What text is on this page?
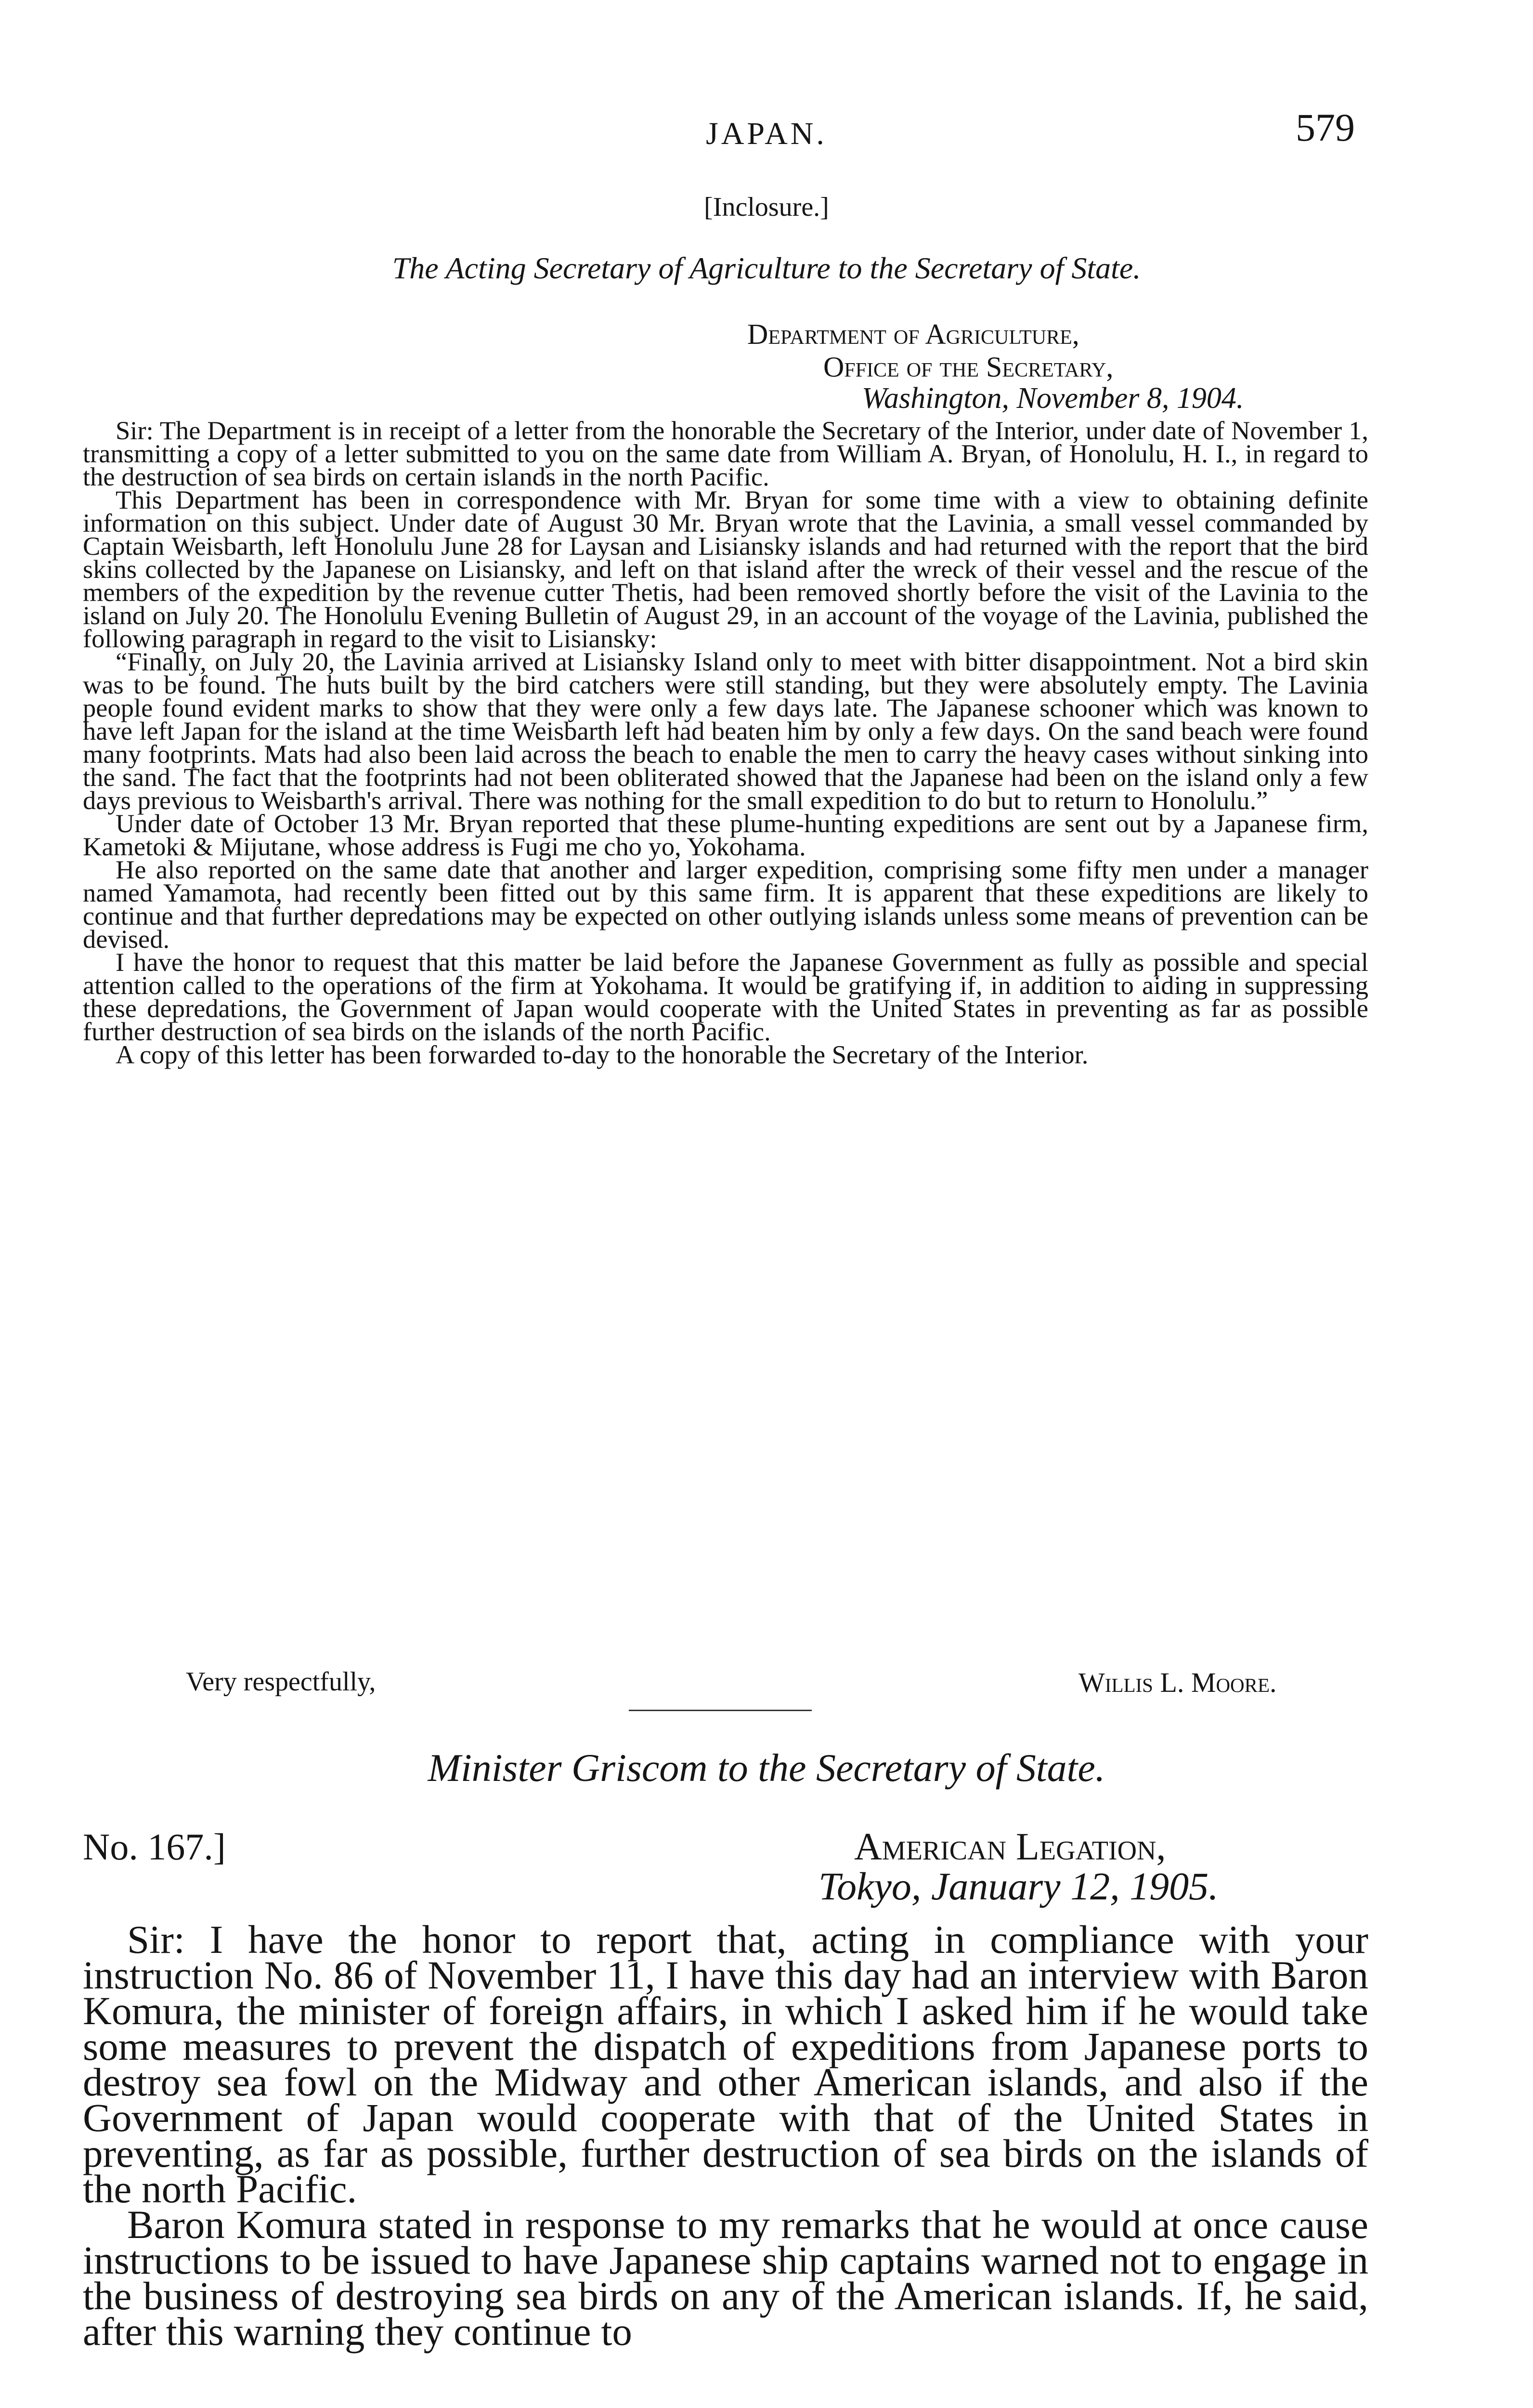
JAPAN.	579
[Inclosure.]
The Acting Secretary of Agriculture to the Secretary of State.
Department of Agriculture,
Office of the Secretary,
Washington, November 8, 1904.

Sir: The Department is in receipt of a letter from the honorable the Secretary of the Interior, under date of November 1, transmitting a copy of a letter submitted to you on the same date from William A. Bryan, of Honolulu, H. I., in regard to the destruction of sea birds on certain islands in the north Pacific.

This Department has been in correspondence with Mr. Bryan for some time with a view to obtaining definite information on this subject. Under date of August 30 Mr. Bryan wrote that the Lavinia, a small vessel commanded by Captain Weisbarth, left Honolulu June 28 for Laysan and Lisiansky islands and had returned with the report that the bird skins collected by the Japanese on Lisiansky, and left on that island after the wreck of their vessel and the rescue of the members of the expedition by the revenue cutter Thetis, had been removed shortly before the visit of the Lavinia to the island on July 20. The Honolulu Evening Bulletin of August 29, in an account of the voyage of the Lavinia, published the following paragraph in regard to the visit to Lisiansky:

“Finally, on July 20, the Lavinia arrived at Lisiansky Island only to meet with bitter disappointment. Not a bird skin was to be found. The huts built by the bird catchers were still standing, but they were absolutely empty. The Lavinia people found evident marks to show that they were only a few days late. The Japanese schooner which was known to have left Japan for the island at the time Weisbarth left had beaten him by only a few days. On the sand beach were found many footprints. Mats had also been laid across the beach to enable the men to carry the heavy cases without sinking into the sand. The fact that the footprints had not been obliterated showed that the Japanese had been on the island only a few days previous to Weisbarth's arrival. There was nothing for the small expedition to do but to return to Honolulu.”

Under date of October 13 Mr. Bryan reported that these plume-hunting expeditions are sent out by a Japanese firm, Kametoki & Mijutane, whose address is Fugi me cho yo, Yokohama.

He also reported on the same date that another and larger expedition, comprising some fifty men under a manager named Yamamota, had recently been fitted out by this same firm. It is apparent that these expeditions are likely to continue and that further depredations may be expected on other outlying islands unless some means of prevention can be devised.

I have the honor to request that this matter be laid before the Japanese Government as fully as possible and special attention called to the operations of the firm at Yokohama. It would be gratifying if, in addition to aiding in suppressing these depredations, the Government of Japan would cooperate with the United States in preventing as far as possible further destruction of sea birds on the islands of the north Pacific.

A copy of this letter has been forwarded to-day to the honorable the Secretary of the Interior.

Very respectfully,	Willis L. Moore.
Minister Griscom to the Secretary of State.
No. 167.]	American Legation,
Tokyo, January 12, 1905.

Sir: I have the honor to report that, acting in compliance with your instruction No. 86 of November 11, I have this day had an interview with Baron Komura, the minister of foreign affairs, in which I asked him if he would take some measures to prevent the dispatch of expeditions from Japanese ports to destroy sea fowl on the Midway and other American islands, and also if the Government of Japan would cooperate with that of the United States in preventing, as far as possible, further destruction of sea birds on the islands of the north Pacific.

Baron Komura stated in response to my remarks that he would at once cause instructions to be issued to have Japanese ship captains warned not to engage in the business of destroying sea birds on any of the American islands. If, he said, after this warning they continue to
